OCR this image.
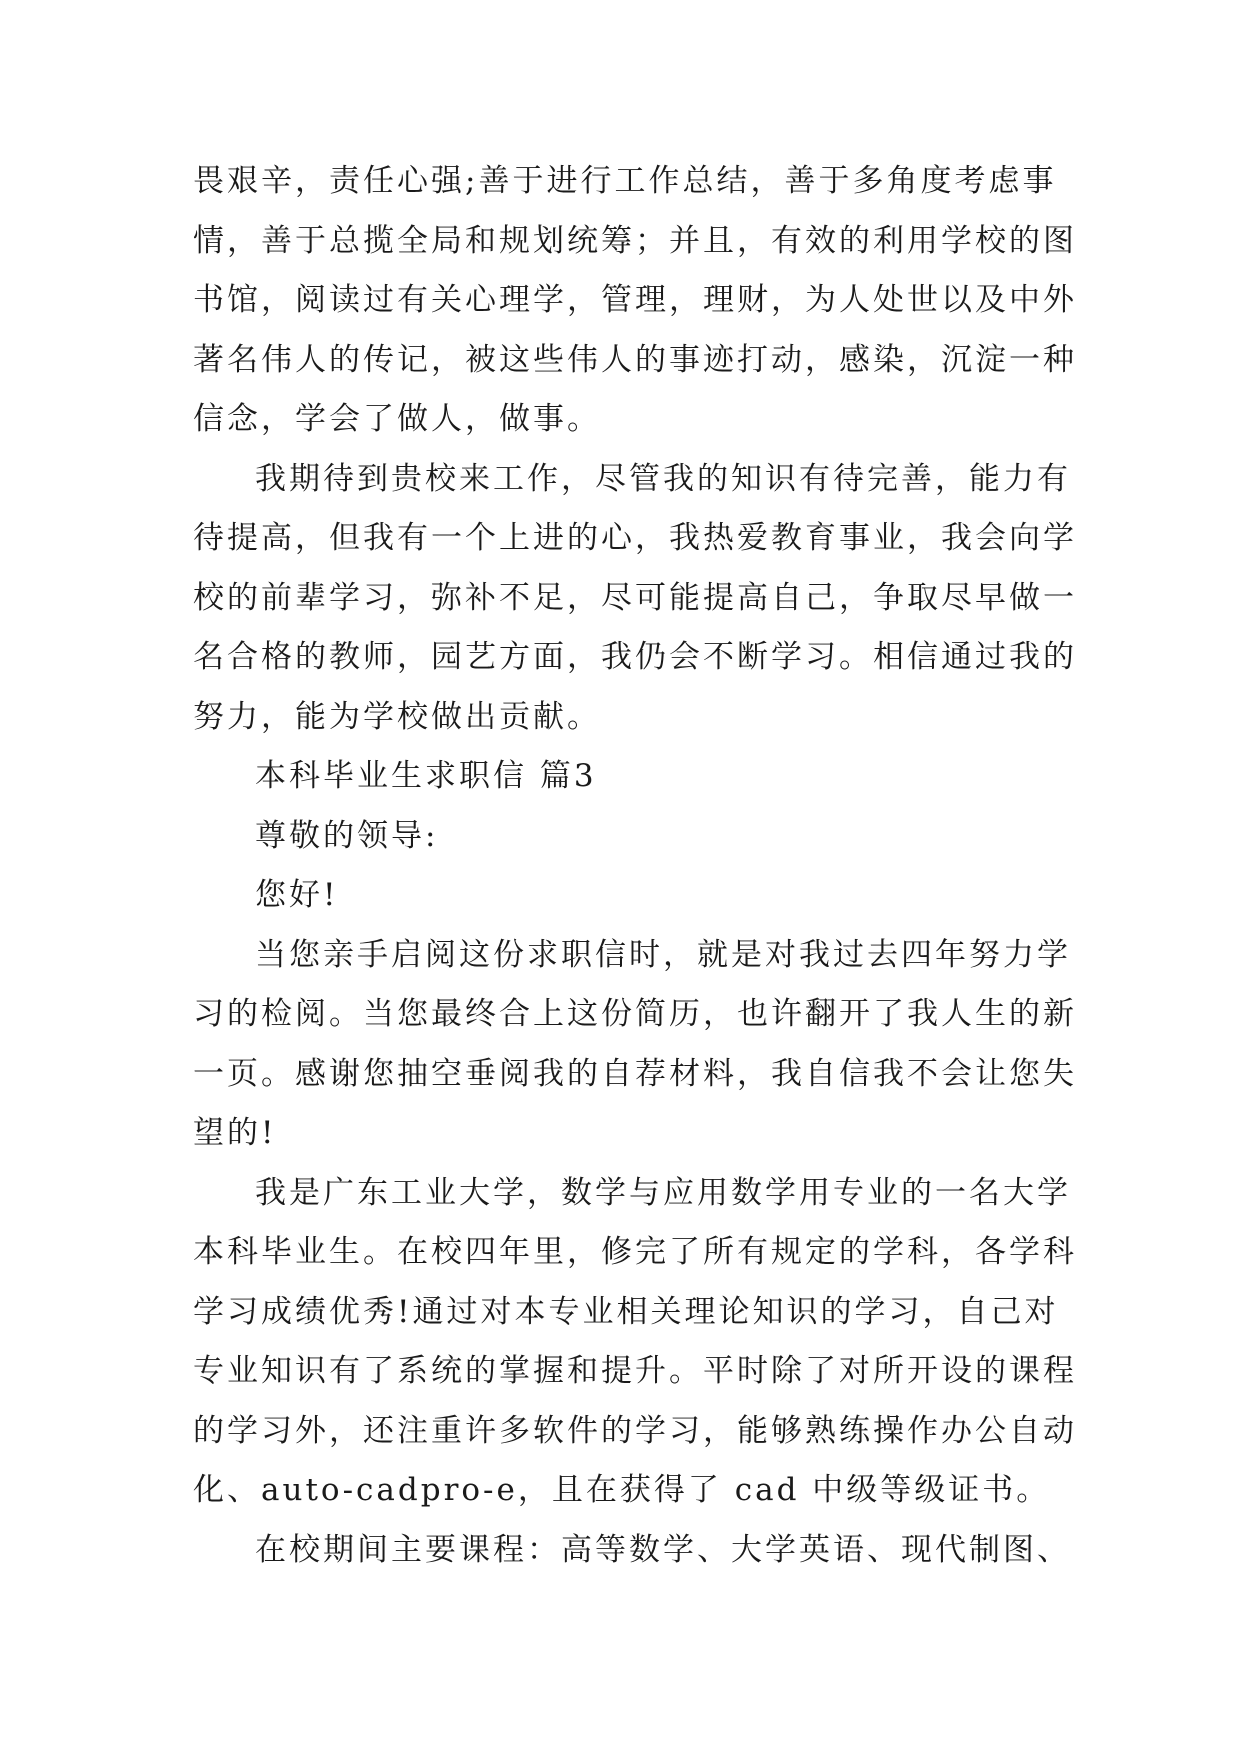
畏艰辛，责任心强;善于进行工作总结，善于多角度考虑事
情，善于总揽全局和规划统筹；并且，有效的利用学校的图
书馆，阅读过有关心理学，管理，理财，为人处世以及中外
著名伟人的传记，被这些伟人的事迹打动，感染，沉淀一种
信念，学会了做人，做事。
我期待到贵校来工作，尽管我的知识有待完善，能力有
待提高，但我有一个上进的心，我热爱教育事业，我会向学
校的前辈学习，弥补不足，尽可能提高自己，争取尽早做一
名合格的教师，园艺方面，我仍会不断学习。相信通过我的
努力，能为学校做出贡献。
本科毕业生求职信 篇3
尊敬的领导:
您好!
当您亲手启阅这份求职信时，就是对我过去四年努力学
习的检阅。当您最终合上这份简历，也许翻开了我人生的新
一页。感谢您抽空垂阅我的自荐材料，我自信我不会让您失
望的!
我是广东工业大学，数学与应用数学用专业的一名大学
本科毕业生。在校四年里，修完了所有规定的学科，各学科
学习成绩优秀!通过对本专业相关理论知识的学习，自己对
专业知识有了系统的掌握和提升。平时除了对所开设的课程
的学习外，还注重许多软件的学习，能够熟练操作办公自动
化、auto-cadpro-e，且在获得了 cad 中级等级证书。
在校期间主要课程：高等数学、大学英语、现代制图、
